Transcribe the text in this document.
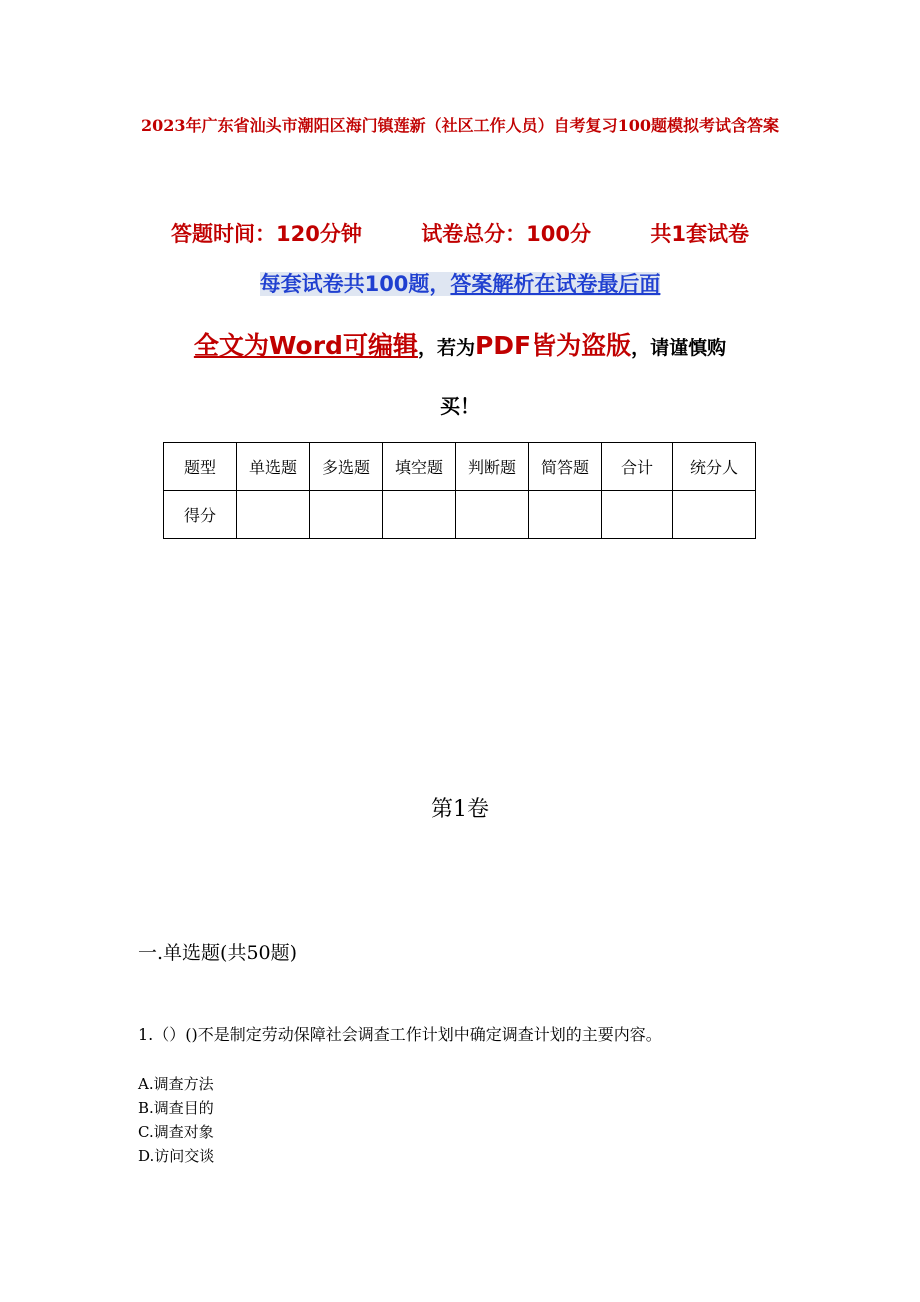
2023年广东省汕头市潮阳区海门镇莲新（社区工作人员）自考复习100题模拟考试含答案
答题时间：120分钟	试卷总分：100分	共1套试卷
每套试卷共100题，答案解析在试卷最后面
全文为Word可编辑，若为PDF皆为盗版，请谨慎购
买！
题型	单选题	多选题	填空题	判断题	简答题	合计	统分人
得分							
第1卷
一.单选题(共50题)
1.（）()不是制定劳动保障社会调查工作计划中确定调查计划的主要内容。
A.调查方法
B.调查目的
C.调查对象
D.访问交谈
